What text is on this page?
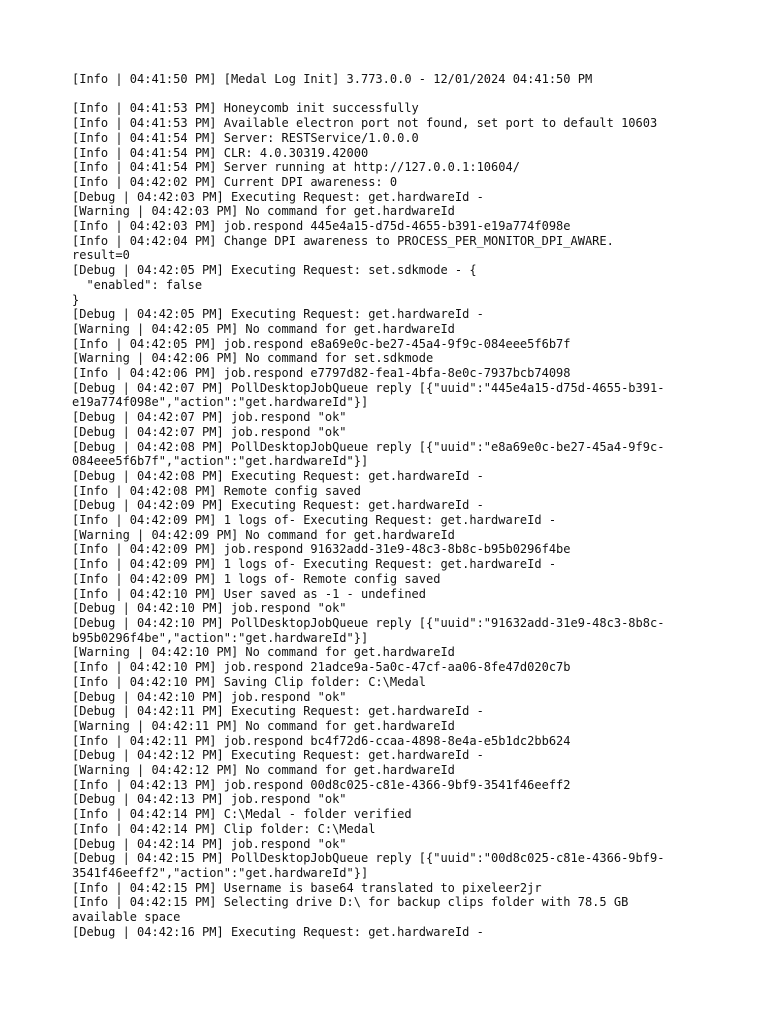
[Info | 04:41:50 PM] [Medal Log Init] 3.773.0.0 - 12/01/2024 04:41:50 PM
[Info | 04:41:53 PM] Honeycomb init successfully
[Info | 04:41:53 PM] Available electron port not found, set port to default 10603
[Info | 04:41:54 PM] Server: RESTService/1.0.0.0
[Info | 04:41:54 PM] CLR: 4.0.30319.42000
[Info | 04:41:54 PM] Server running at http://127.0.0.1:10604/
[Info | 04:42:02 PM] Current DPI awareness: 0
[Debug | 04:42:03 PM] Executing Request: get.hardwareId -
[Warning | 04:42:03 PM] No command for get.hardwareId
[Info | 04:42:03 PM] job.respond 445e4a15-d75d-4655-b391-e19a774f098e
[Info | 04:42:04 PM] Change DPI awareness to PROCESS_PER_MONITOR_DPI_AWARE.
result=0
[Debug | 04:42:05 PM] Executing Request: set.sdkmode - {
"enabled": false
}
[Debug | 04:42:05 PM] Executing Request: get.hardwareId -
[Warning | 04:42:05 PM] No command for get.hardwareId
[Info | 04:42:05 PM] job.respond e8a69e0c-be27-45a4-9f9c-084eee5f6b7f
[Warning | 04:42:06 PM] No command for set.sdkmode
[Info | 04:42:06 PM] job.respond e7797d82-fea1-4bfa-8e0c-7937bcb74098
[Debug | 04:42:07 PM] PollDesktopJobQueue reply [{"uuid":"445e4a15-d75d-4655-b391-
e19a774f098e","action":"get.hardwareId"}]
[Debug | 04:42:07 PM] job.respond "ok"
[Debug | 04:42:07 PM] job.respond "ok"
[Debug | 04:42:08 PM] PollDesktopJobQueue reply [{"uuid":"e8a69e0c-be27-45a4-9f9c-
084eee5f6b7f","action":"get.hardwareId"}]
[Debug | 04:42:08 PM] Executing Request: get.hardwareId -
[Info | 04:42:08 PM] Remote config saved
[Debug | 04:42:09 PM] Executing Request: get.hardwareId -
[Info | 04:42:09 PM] 1 logs of- Executing Request: get.hardwareId -
[Warning | 04:42:09 PM] No command for get.hardwareId
[Info | 04:42:09 PM] job.respond 91632add-31e9-48c3-8b8c-b95b0296f4be
[Info | 04:42:09 PM] 1 logs of- Executing Request: get.hardwareId -
[Info | 04:42:09 PM] 1 logs of- Remote config saved
[Info | 04:42:10 PM] User saved as -1 - undefined
[Debug | 04:42:10 PM] job.respond "ok"
[Debug | 04:42:10 PM] PollDesktopJobQueue reply [{"uuid":"91632add-31e9-48c3-8b8c-
b95b0296f4be","action":"get.hardwareId"}]
[Warning | 04:42:10 PM] No command for get.hardwareId
[Info | 04:42:10 PM] job.respond 21adce9a-5a0c-47cf-aa06-8fe47d020c7b
[Info | 04:42:10 PM] Saving Clip folder: C:\Medal
[Debug | 04:42:10 PM] job.respond "ok"
[Debug | 04:42:11 PM] Executing Request: get.hardwareId -
[Warning | 04:42:11 PM] No command for get.hardwareId
[Info | 04:42:11 PM] job.respond bc4f72d6-ccaa-4898-8e4a-e5b1dc2bb624
[Debug | 04:42:12 PM] Executing Request: get.hardwareId -
[Warning | 04:42:12 PM] No command for get.hardwareId
[Info | 04:42:13 PM] job.respond 00d8c025-c81e-4366-9bf9-3541f46eeff2
[Debug | 04:42:13 PM] job.respond "ok"
[Info | 04:42:14 PM] C:\Medal - folder verified
[Info | 04:42:14 PM] Clip folder: C:\Medal
[Debug | 04:42:14 PM] job.respond "ok"
[Debug | 04:42:15 PM] PollDesktopJobQueue reply [{"uuid":"00d8c025-c81e-4366-9bf9-
3541f46eeff2","action":"get.hardwareId"}]
[Info | 04:42:15 PM] Username is base64 translated to pixeleer2jr
[Info | 04:42:15 PM] Selecting drive D:\ for backup clips folder with 78.5 GB
available space
[Debug | 04:42:16 PM] Executing Request: get.hardwareId -
